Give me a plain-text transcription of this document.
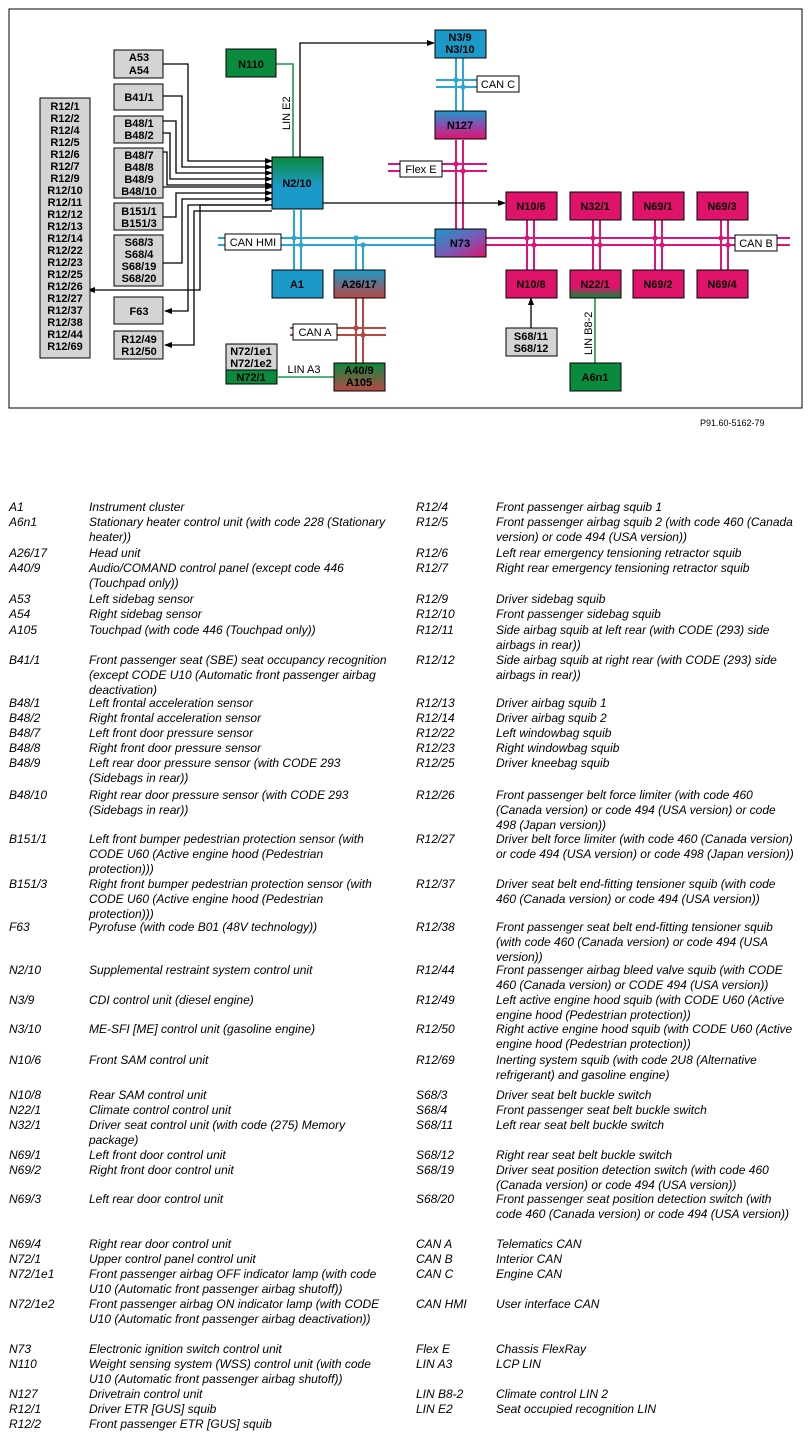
A53
A54
B41/1
B48/1
B48/2
B48/7
B48/8
B48/9
B48/10
B151/1
B151/3
S68/3
S68/4
S68/19
S68/20
F63
R12/49
R12/50
R12/1
R12/2
R12/4
R12/5
R12/6
R12/7
R12/9
R12/10
R12/11
R12/12
R12/13
R12/14
R12/22
R12/23
R12/25
R12/26
R12/27
R12/37
R12/38
R12/44
R12/69
N110
LIN E2
N2/10
N3/9
N3/10
CAN C
N127
Flex E
N73
CAN HMI	CAN B
A1	A26/17
CAN A
A40/9
A105
N72/1e1
N72/1e2
N72/1
LIN A3
N10/6	N32/1	N69/1	N69/3
N10/8	N22/1	N69/2	N69/4
S68/11
S68/12	LIN B8-2
A6n1
P91.60-5162-79
A1	Instrument cluster
A6n1	Stationary heater control unit (with code 228 (Stationary heater))
A26/17	Head unit
A40/9	Audio/COMAND control panel (except code 446 (Touchpad only))
A53	Left sidebag sensor
A54	Right sidebag sensor
A105	Touchpad (with code 446 (Touchpad only))
B41/1	Front passenger seat (SBE) seat occupancy recognition (except CODE U10 (Automatic front passenger airbag deactivation)
B48/1	Left frontal acceleration sensor
B48/2	Right frontal acceleration sensor
B48/7	Left front door pressure sensor
B48/8	Right front door pressure sensor
B48/9	Left rear door pressure sensor (with CODE 293 (Sidebags in rear))
B48/10	Right rear door pressure sensor (with CODE 293 (Sidebags in rear))
B151/1	Left front bumper pedestrian protection sensor (with CODE U60 (Active engine hood (Pedestrian protection)))
B151/3	Right front bumper pedestrian protection sensor (with CODE U60 (Active engine hood (Pedestrian protection)))
F63	Pyrofuse (with code B01 (48V technology))
N2/10	Supplemental restraint system control unit
N3/9	CDI control unit (diesel engine)
N3/10	ME-SFI [ME] control unit (gasoline engine)
N10/6	Front SAM control unit
N10/8	Rear SAM control unit
N22/1	Climate control control unit
N32/1	Driver seat control unit (with code (275) Memory package)
N69/1	Left front door control unit
N69/2	Right front door control unit
N69/3	Left rear door control unit
N69/4	Right rear door control unit
N72/1	Upper control panel control unit
N72/1e1	Front passenger airbag OFF indicator lamp (with code U10 (Automatic front passenger airbag shutoff))
N72/1e2	Front passenger airbag ON indicator lamp (with CODE U10 (Automatic front passenger airbag deactivation))
N73	Electronic ignition switch control unit
N110	Weight sensing system (WSS) control unit (with code U10 (Automatic front passenger airbag shutoff))
N127	Drivetrain control unit
R12/1	Driver ETR [GUS] squib
R12/2	Front passenger ETR [GUS] squib
R12/4	Front passenger airbag squib 1
R12/5	Front passenger airbag squib 2 (with code 460 (Canada version) or code 494 (USA version))
R12/6	Left rear emergency tensioning retractor squib
R12/7	Right rear emergency tensioning retractor squib
R12/9	Driver sidebag squib
R12/10	Front passenger sidebag squib
R12/11	Side airbag squib at left rear (with CODE (293) side airbags in rear))
R12/12	Side airbag squib at right rear (with CODE (293) side airbags in rear))
R12/13	Driver airbag squib 1
R12/14	Driver airbag squib 2
R12/22	Left windowbag squib
R12/23	Right windowbag squib
R12/25	Driver kneebag squib
R12/26	Front passenger belt force limiter (with code 460 (Canada version) or code 494 (USA version) or code 498 (Japan version))
R12/27	Driver belt force limiter (with code 460 (Canada version) or code 494 (USA version) or code 498 (Japan version))
R12/37	Driver seat belt end-fitting tensioner squib (with code 460 (Canada version) or code 494 (USA version))
R12/38	Front passenger seat belt end-fitting tensioner squib (with code 460 (Canada version) or code 494 (USA version))
R12/44	Front passenger airbag bleed valve squib (with CODE 460 (Canada version) or CODE 494 (USA version))
R12/49	Left active engine hood squib (with CODE U60 (Active engine hood (Pedestrian protection))
R12/50	Right active engine hood squib (with CODE U60 (Active engine hood (Pedestrian protection))
R12/69	Inerting system squib (with code 2U8 (Alternative refrigerant) and gasoline engine)
S68/3	Driver seat belt buckle switch
S68/4	Front passenger seat belt buckle switch
S68/11	Left rear seat belt buckle switch
S68/12	Right rear seat belt buckle switch
S68/19	Driver seat position detection switch (with code 460 (Canada version) or code 494 (USA version))
S68/20	Front passenger seat position detection switch (with code 460 (Canada version) or code 494 (USA version))
CAN A	Telematics CAN
CAN B	Interior CAN
CAN C	Engine CAN
CAN HMI	User interface CAN
Flex E	Chassis FlexRay
LIN A3	LCP LIN
LIN B8-2	Climate control LIN 2
LIN E2	Seat occupied recognition LIN
